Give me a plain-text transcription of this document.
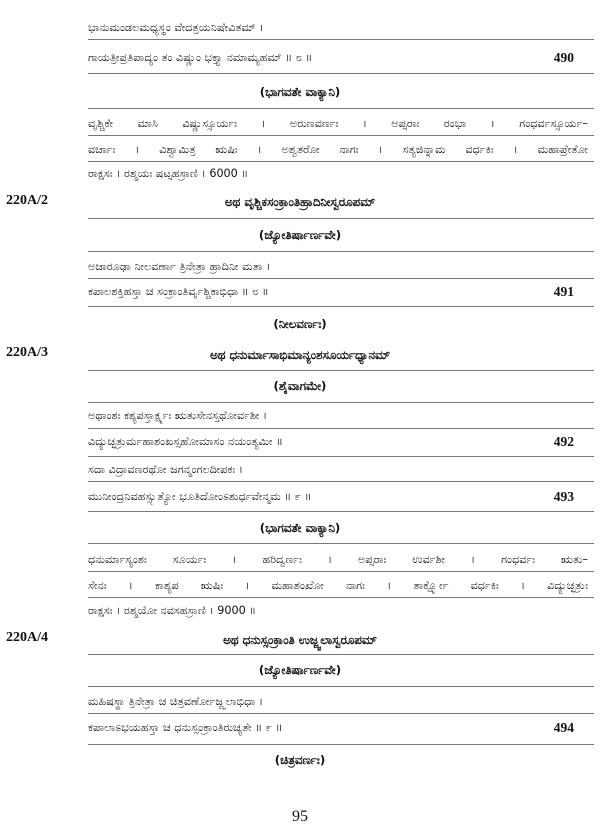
ಭಾನುಮಂಡಲಮಧ್ಯಸ್ಥಂ ವೇದತ್ರಯನಿಷೇವಿತಮ್ ।
ಗಾಯತ್ರೀಪ್ರತಿಪಾದ್ಯಂ ತಂ ವಿಷ್ಣುಂ ಭಕ್ತ್ಯಾ ನಮಾಮ್ಯಹಮ್ ॥ ೮ ॥	490
(ಭಾಗವತೇ ವಾಕ್ಯಾನಿ)
ವೃಶ್ಚಿಕೇ ಮಾಸಿ ವಿಷ್ಣುಸ್ಸೂರ್ಯಃ । ಅರುಣವರ್ಣಃ । ಅಪ್ಸರಾಃ ರಂಭಾ । ಗಂಧರ್ವಸ್ಸೂರ್ಯ–
ವರ್ಚಾಃ । ವಿಶ್ವಾಮಿತ್ರ ಋಷಿಃ । ಅಶ್ವತರೋ ನಾಗಃ । ಸತ್ಯಜಿನ್ನಾಮ ವರ್ಧಕಿಃ । ಮಹಾಪ್ರೇತೋ
ರಾಕ್ಷಸಃ । ರಶ್ಮಯಃ ಷಟ್ಸಹಸ್ರಾಣಿ । 6000 ॥
220A/2	ಅಥ ವೃಶ್ಚಿಕಸಂಕ್ರಾಂತಿಹ್ರಾದಿನೀಸ್ವರೂಪಮ್
(ಜ್ಯೋತಿರ್ಷಾರ್ಣವೇ)
ಅಜಾರೂಢಾ ನೀಲವರ್ಣಾ ತ್ರಿನೇತ್ರಾ ಹ್ರಾದಿನೀ ಮತಾ ।
ಕಪಾಲಶಕ್ತಿಹಸ್ತಾ ಚ ಸಂಕ್ರಾಂತಿರ್ವೃಶ್ಚಿಕಾಭಿಧಾ ॥ ೮ ॥	491
(ನೀಲವರ್ಣಃ)
220A/3	ಅಥ ಧನುರ್ಮಾಸಾಭಿಮಾನ್ಯಂಶಸೂರ್ಯಧ್ಯಾನಮ್
(ಶೈವಾಗಮೇ)
ಅಥಾಂಶಃ ಕಶ್ಯಪಸ್ತಾರ್ಕ್ಷ್ಯಃ ಋತುಸೇನಸ್ತಥೋರ್ವಶೀ ।
ವಿದ್ಯುಚ್ಛತ್ರುರ್ಮಹಾಶಂಖಸ್ಸಹೋಮಾಸಂ ನಯಂತ್ಯಮೀ ॥	492
ಸದಾ ವಿದ್ರಾವಣರಥೋ ಜಗನ್ಮಂಗಲದೀಪಕಃ ।
ಮುನೀಂದ್ರನಿವಹಸ್ಸ್ತುತ್ಯೋ ಭೂತಿದೋಂಽಶುರ್ಧವೇನ್ಮಮ ॥ ೯ ॥	493
(ಭಾಗವತೇ ವಾಕ್ಯಾನಿ)
ಧನುರ್ಮಾಸ್ಯಂಶಃ ಸೂರ್ಯಃ । ಹರಿದ್ವರ್ಣಃ । ಅಪ್ಸರಾಃ ಉರ್ವಶೀ । ಗಂಧರ್ವಃ ಋತು–
ಸೇನಃ । ಕಾಶ್ಯಪ ಋಷಿಃ । ಮಹಾಶಂಖೋ ನಾಗಃ । ತಾರ್ಕ್ಷ್ಯೋ ವರ್ಧಕಿಃ । ವಿದ್ಯುಚ್ಛತ್ರುಃ
ರಾಕ್ಷಸಃ । ರಶ್ಮಯೋ ನವಸಹಸ್ರಾಣಿ । 9000 ॥
220A/4	ಅಥ ಧನುಸ್ಸಂಕ್ರಾಂತಿ ಉಜ್ಜ್ವಲಾಸ್ವರೂಪಮ್
(ಜ್ಯೋತಿರ್ಷಾರ್ಣವೇ)
ಮಹಿಷಸ್ಥಾ ತ್ರಿನೇತ್ರಾ ಚ ಚಿತ್ರವರ್ಣೋಜ್ಜ್ವಲಾಭಿಧಾ ।
ಕಪಾಲಾಽಭಯಹಸ್ತಾ ಚ ಧನುಸ್ಸಂಕ್ರಾಂತಿರುಚ್ಯತೇ ॥ ೯ ॥	494
(ಚಿತ್ರವರ್ಣಃ)
95
